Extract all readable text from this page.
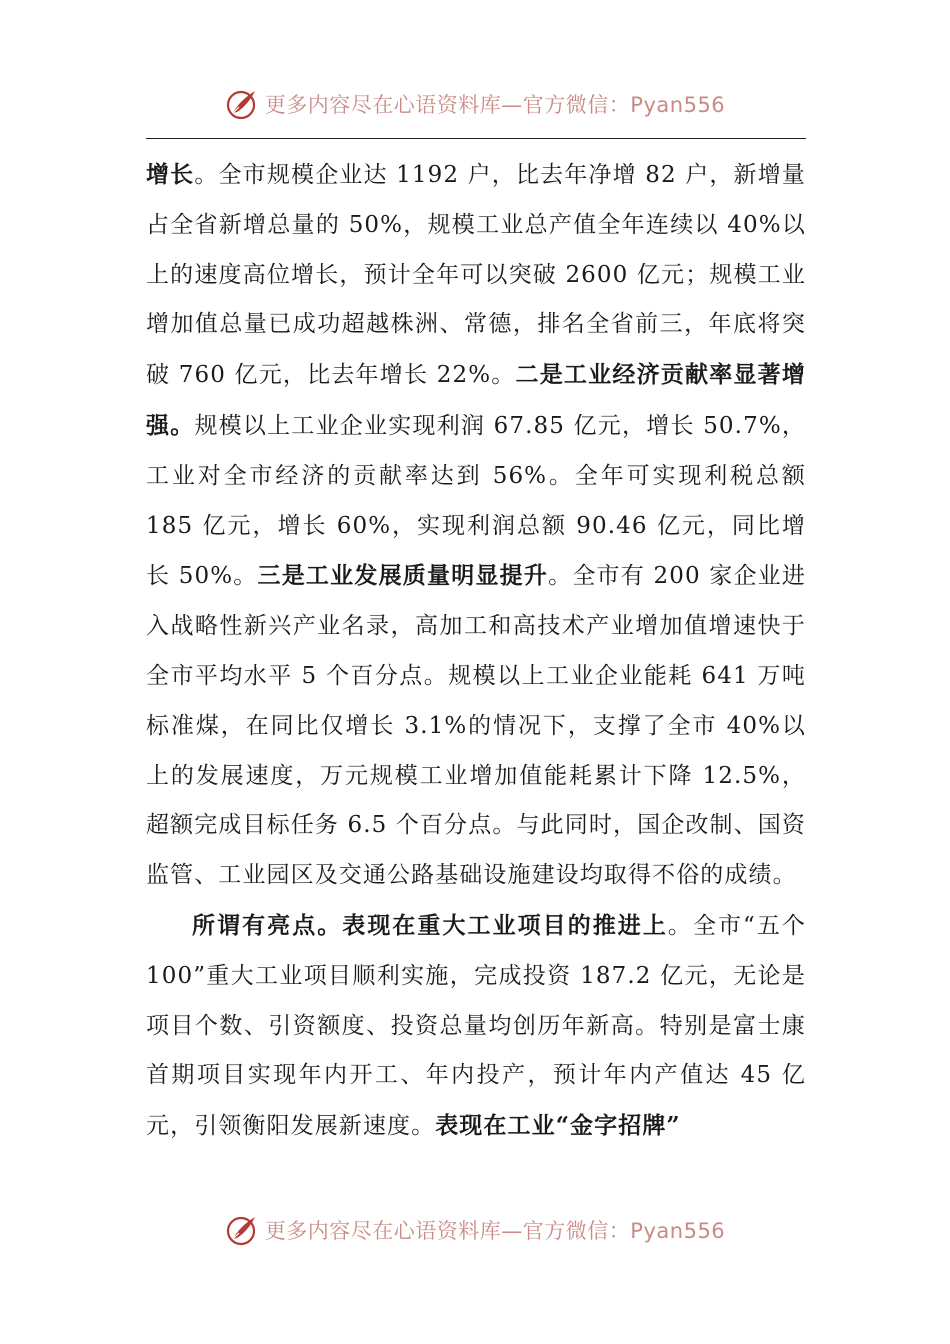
更多内容尽在心语资料库—官方微信：Pyan556

增长。全市规模企业达 1192 户，比去年净增 82 户，新增量占全省新增总量的 50%，规模工业总产值全年连续以 40%以上的速度高位增长，预计全年可以突破 2600 亿元；规模工业增加值总量已成功超越株洲、常德，排名全省前三，年底将突破 760 亿元，比去年增长 22%。二是工业经济贡献率显著增强。规模以上工业企业实现利润 67.85 亿元，增长 50.7%，工业对全市经济的贡献率达到 56%。全年可实现利税总额 185 亿元，增长 60%，实现利润总额 90.46 亿元，同比增长 50%。三是工业发展质量明显提升。全市有 200 家企业进入战略性新兴产业名录，高加工和高技术产业增加值增速快于全市平均水平 5 个百分点。规模以上工业企业能耗 641 万吨标准煤，在同比仅增长 3.1%的情况下，支撑了全市 40%以上的发展速度，万元规模工业增加值能耗累计下降 12.5%，超额完成目标任务 6.5 个百分点。与此同时，国企改制、国资监管、工业园区及交通公路基础设施建设均取得不俗的成绩。

所谓有亮点。表现在重大工业项目的推进上。全市“五个 100”重大工业项目顺利实施，完成投资 187.2 亿元，无论是项目个数、引资额度、投资总量均创历年新高。特别是富士康首期项目实现年内开工、年内投产，预计年内产值达 45 亿元，引领衡阳发展新速度。表现在工业“金字招牌”

更多内容尽在心语资料库—官方微信：Pyan556
